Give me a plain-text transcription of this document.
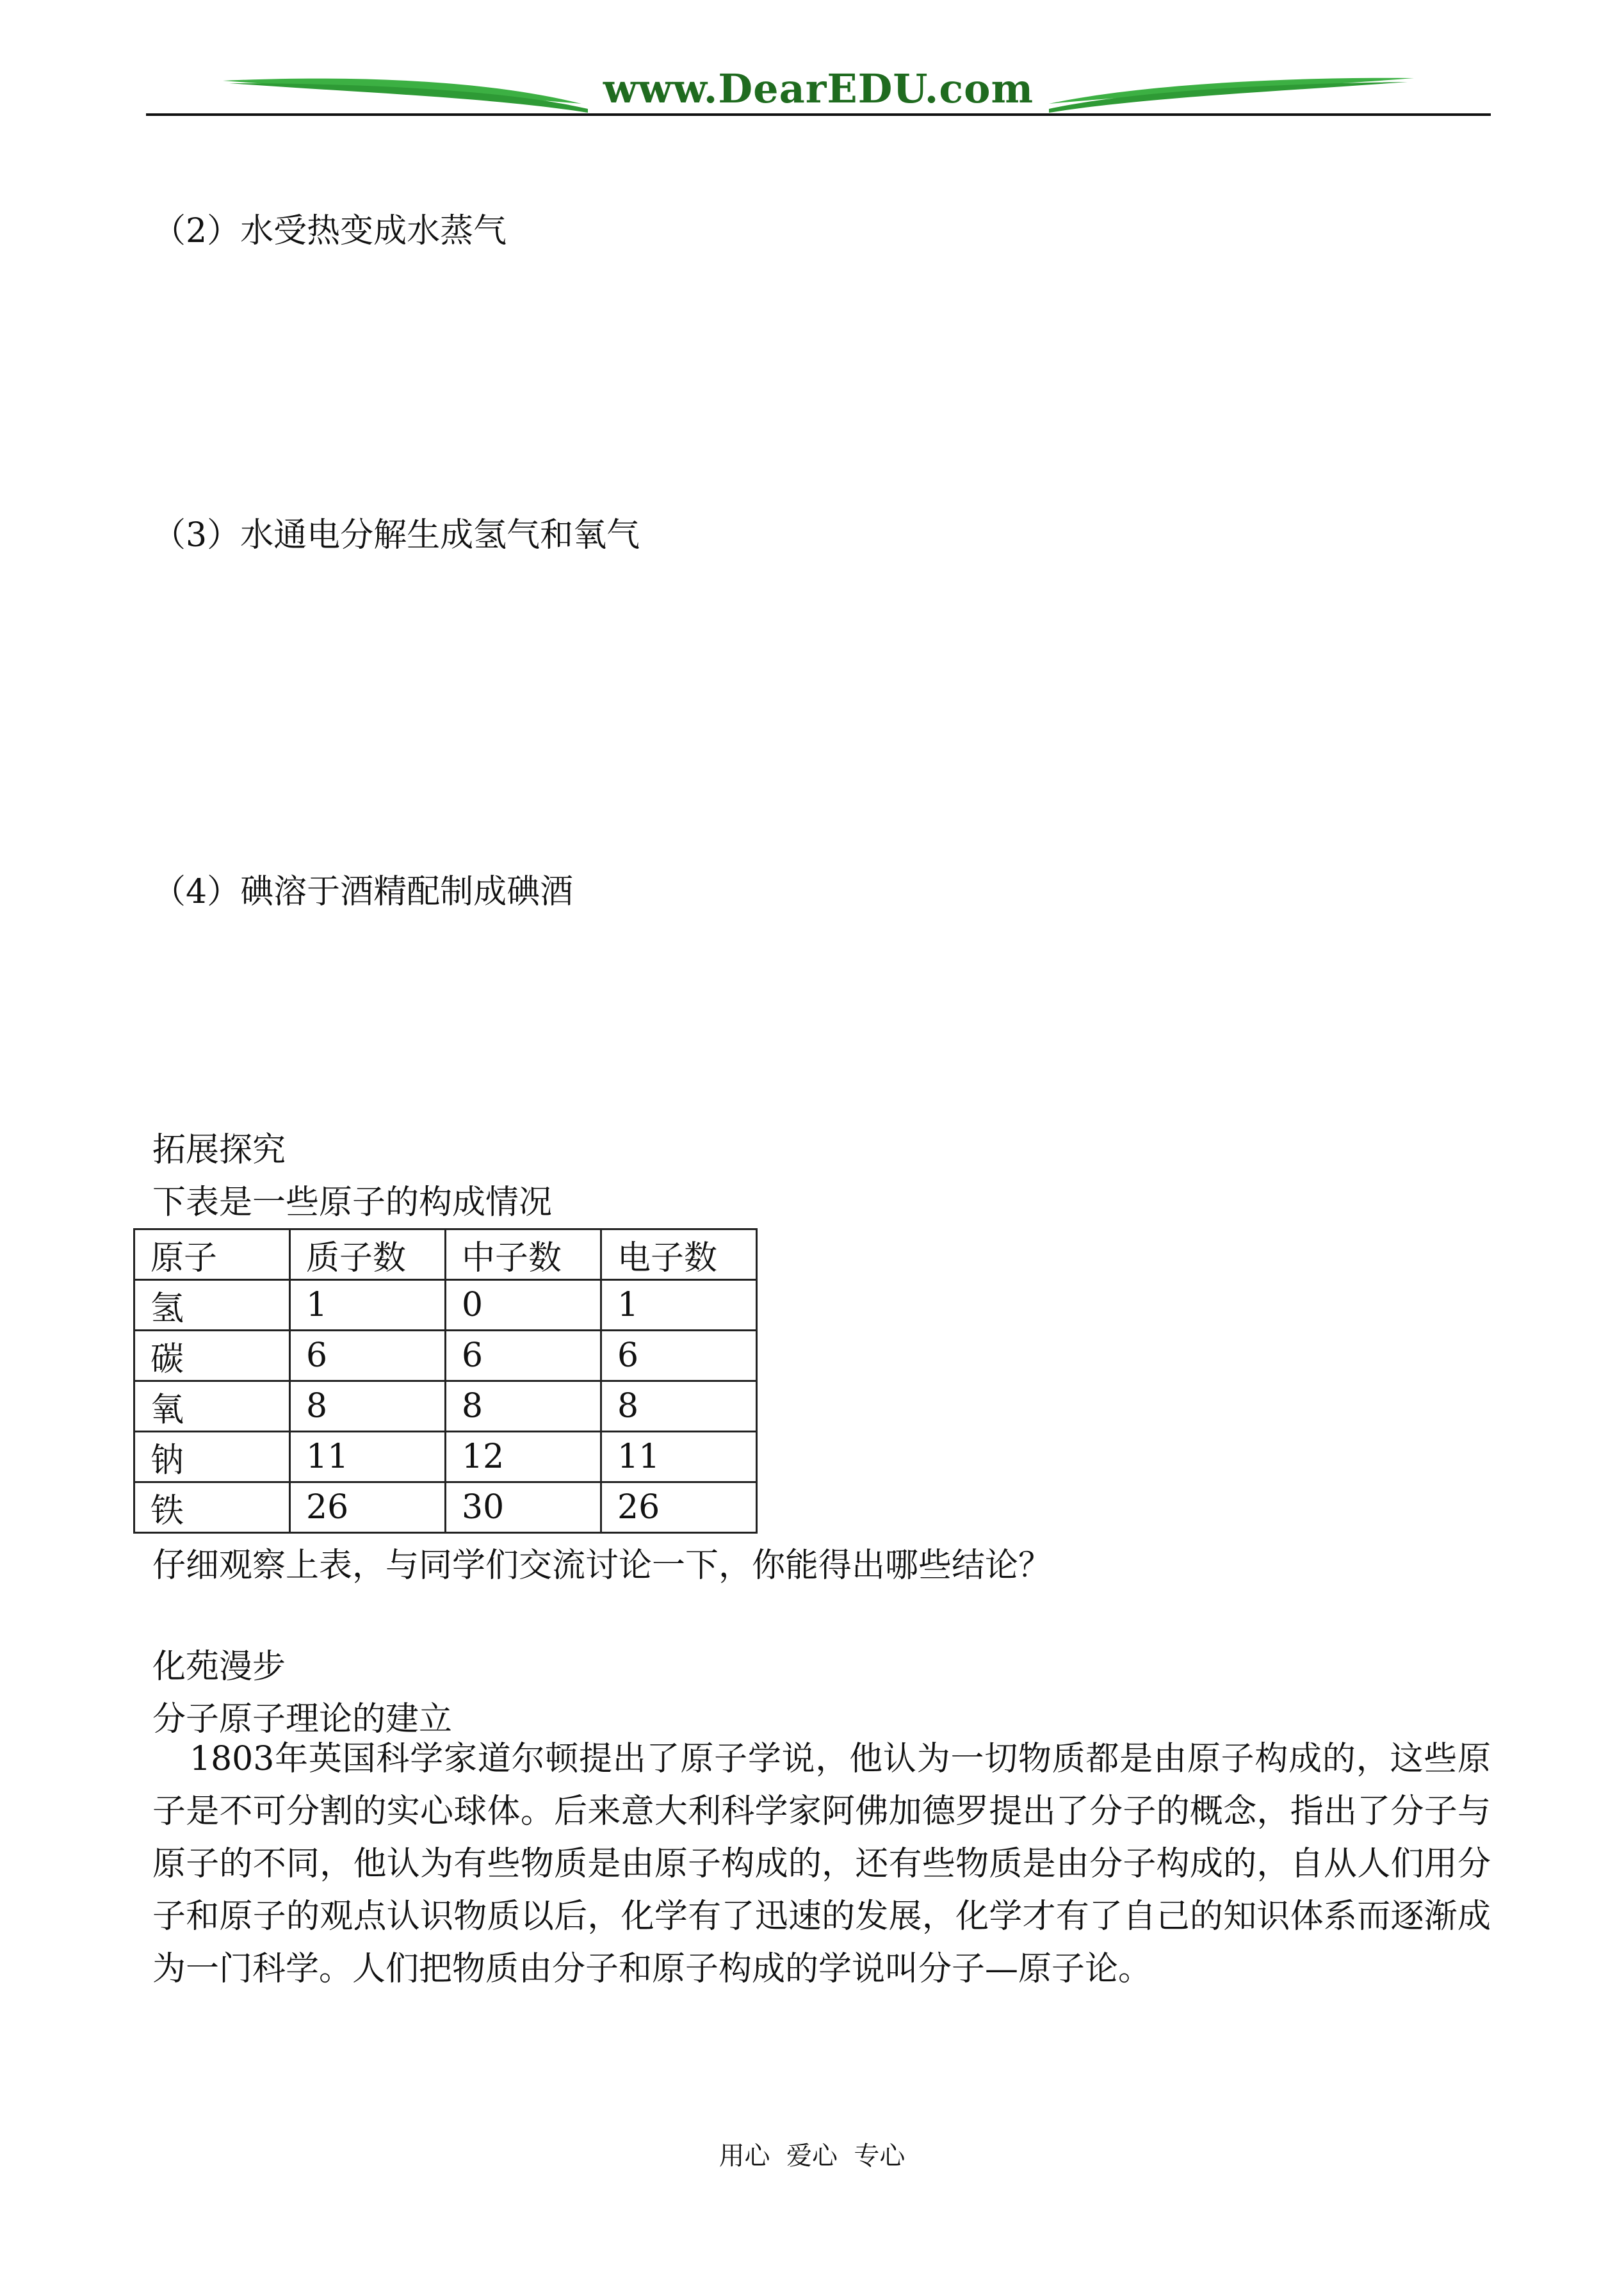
www.DearEDU.com
（2）水受热变成水蒸气
（3）水通电分解生成氢气和氧气
（4）碘溶于酒精配制成碘酒
拓展探究
下表是一些原子的构成情况
原子	质子数	中子数	电子数
氢	1	0	1
碳	6	6	6
氧	8	8	8
钠	11	12	11
铁	26	30	26
仔细观察上表，与同学们交流讨论一下，你能得出哪些结论？
化苑漫步
分子原子理论的建立
1803年英国科学家道尔顿提出了原子学说，他认为一切物质都是由原子构成的，这些原子是不可分割的实心球体。后来意大利科学家阿佛加德罗提出了分子的概念，指出了分子与原子的不同，他认为有些物质是由原子构成的，还有些物质是由分子构成的，自从人们用分子和原子的观点认识物质以后，化学有了迅速的发展，化学才有了自己的知识体系而逐渐成为一门科学。人们把物质由分子和原子构成的学说叫分子—原子论。
用心  爱心  专心
